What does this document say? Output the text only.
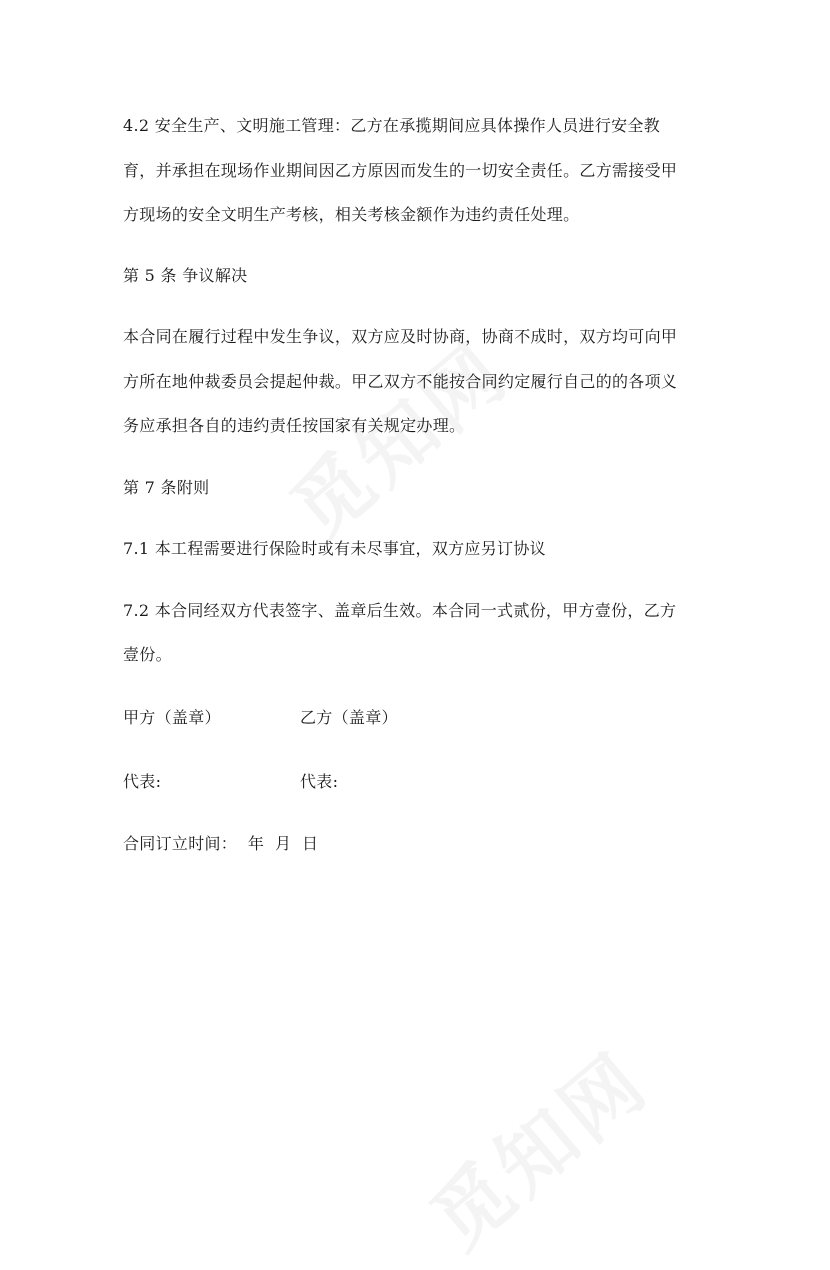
4.2 安全生产、文明施工管理：乙方在承揽期间应具体操作人员进行安全教
育，并承担在现场作业期间因乙方原因而发生的一切安全责任。乙方需接受甲
方现场的安全文明生产考核，相关考核金额作为违约责任处理。
第 5 条 争议解决
本合同在履行过程中发生争议，双方应及时协商，协商不成时，双方均可向甲
方所在地仲裁委员会提起仲裁。甲乙双方不能按合同约定履行自己的的各项义
务应承担各自的违约责任按国家有关规定办理。
第 7 条附则
7.1 本工程需要进行保险时或有未尽事宜，双方应另订协议
7.2 本合同经双方代表签字、盖章后生效。本合同一式贰份，甲方壹份，乙方
壹份。
甲方（盖章）	乙方（盖章）
代表:	代表:
合同订立时间：  年  月  日
